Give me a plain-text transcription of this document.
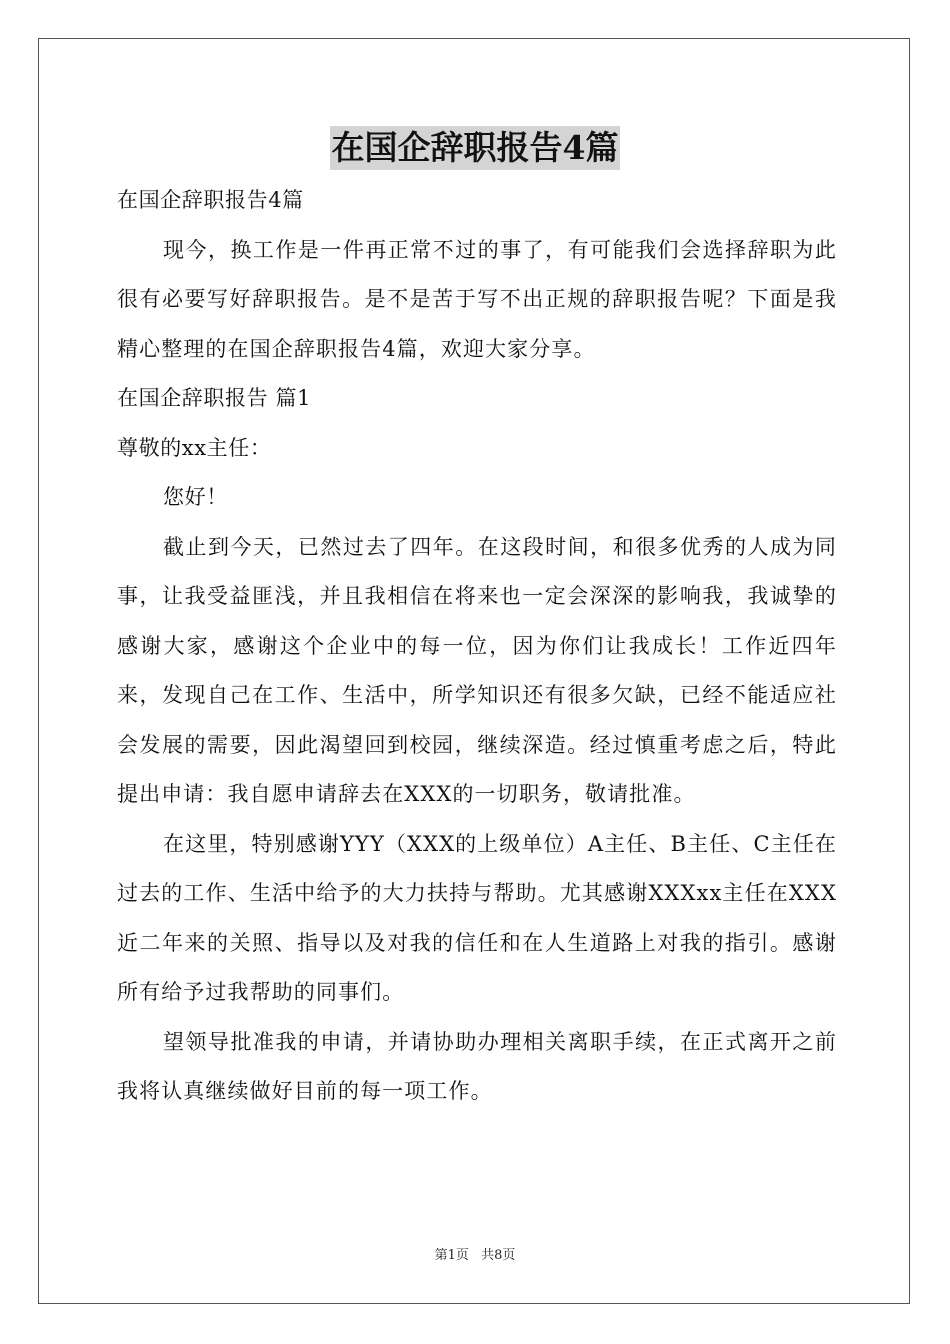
在国企辞职报告4篇
在国企辞职报告4篇

现今，换工作是一件再正常不过的事了，有可能我们会选择辞职为此很有必要写好辞职报告。是不是苦于写不出正规的辞职报告呢？下面是我精心整理的在国企辞职报告4篇，欢迎大家分享。

在国企辞职报告 篇1
尊敬的xx主任：
您好！

截止到今天，已然过去了四年。在这段时间，和很多优秀的人成为同事，让我受益匪浅，并且我相信在将来也一定会深深的影响我，我诚挚的感谢大家，感谢这个企业中的每一位，因为你们让我成长！工作近四年来，发现自己在工作、生活中，所学知识还有很多欠缺，已经不能适应社会发展的需要，因此渴望回到校园，继续深造。经过慎重考虑之后，特此提出申请：我自愿申请辞去在XXX的一切职务，敬请批准。

在这里，特别感谢YYY（XXX的上级单位）A主任、B主任、C主任在过去的工作、生活中给予的大力扶持与帮助。尤其感谢XXXxx主任在XXX近二年来的关照、指导以及对我的信任和在人生道路上对我的指引。感谢所有给予过我帮助的同事们。

望领导批准我的申请，并请协助办理相关离职手续，在正式离开之前我将认真继续做好目前的每一项工作。

第1页 共8页
